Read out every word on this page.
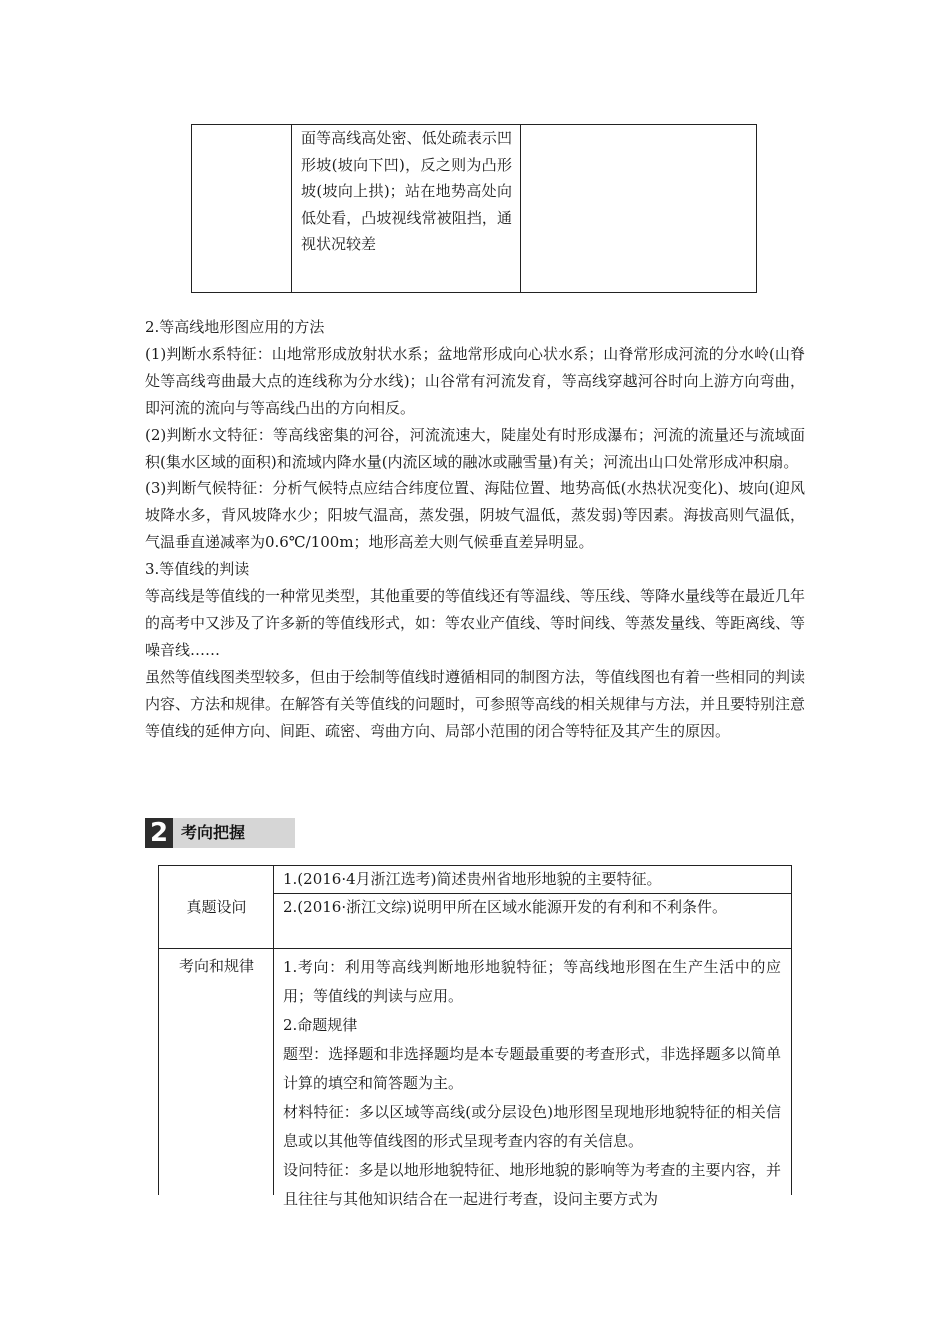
面等高线高处密、低处疏表示凹形坡(坡向下凹)，反之则为凸形坡(坡向上拱)；站在地势高处向低处看，凸坡视线常被阻挡，通视状况较差

2.等高线地形图应用的方法

(1)判断水系特征：山地常形成放射状水系；盆地常形成向心状水系；山脊常形成河流的分水岭(山脊处等高线弯曲最大点的连线称为分水线)；山谷常有河流发育，等高线穿越河谷时向上游方向弯曲，即河流的流向与等高线凸出的方向相反。

(2)判断水文特征：等高线密集的河谷，河流流速大，陡崖处有时形成瀑布；河流的流量还与流域面积(集水区域的面积)和流域内降水量(内流区域的融冰或融雪量)有关；河流出山口处常形成冲积扇。

(3)判断气候特征：分析气候特点应结合纬度位置、海陆位置、地势高低(水热状况变化)、坡向(迎风坡降水多，背风坡降水少；阳坡气温高，蒸发强，阴坡气温低，蒸发弱)等因素。海拔高则气温低，气温垂直递减率为0.6℃/100m；地形高差大则气候垂直差异明显。

3.等值线的判读

等高线是等值线的一种常见类型，其他重要的等值线还有等温线、等压线、等降水量线等在最近几年的高考中又涉及了许多新的等值线形式，如：等农业产值线、等时间线、等蒸发量线、等距离线、等噪音线……

虽然等值线图类型较多，但由于绘制等值线时遵循相同的制图方法，等值线图也有着一些相同的判读内容、方法和规律。在解答有关等值线的问题时，可参照等高线的相关规律与方法，并且要特别注意等值线的延伸方向、间距、疏密、弯曲方向、局部小范围的闭合等特征及其产生的原因。

2 考向把握
真题设问
1.(2016·4月浙江选考)简述贵州省地形地貌的主要特征。
2.(2016·浙江文综)说明甲所在区域水能源开发的有利和不利条件。
考向和规律	1.考向：利用等高线判断地形地貌特征；等高线地形图在生产生活中的应用；等值线的判读与应用。

2.命题规律

题型：选择题和非选择题均是本专题最重要的考查形式，非选择题多以简单计算的填空和简答题为主。

材料特征：多以区域等高线(或分层设色)地形图呈现地形地貌特征的相关信息或以其他等值线图的形式呈现考查内容的有关信息。

设问特征：多是以地形地貌特征、地形地貌的影响等为考查的主要内容，并且往往与其他知识结合在一起进行考查，设问主要方式为
